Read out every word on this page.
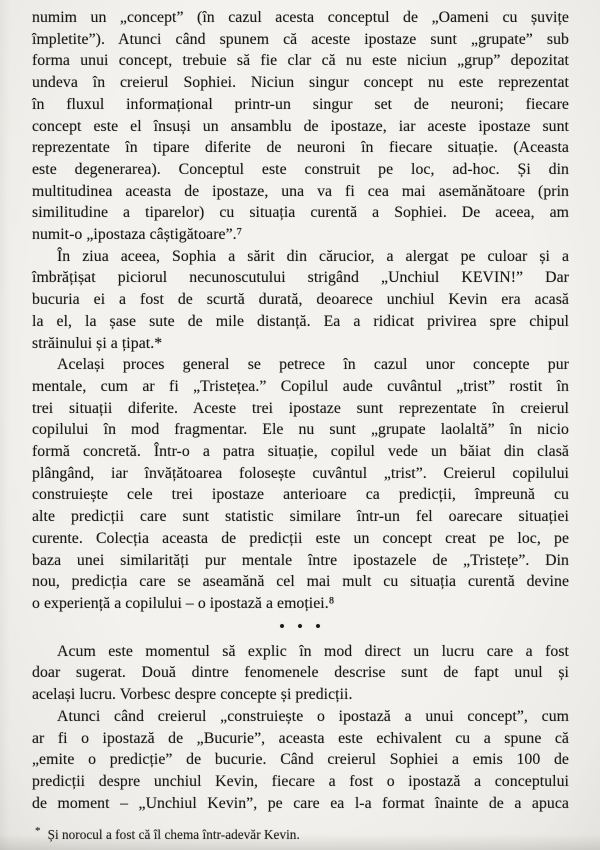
numim un „concept” (în cazul acesta conceptul de „Oameni cu șuvițe
împletite”). Atunci când spunem că aceste ipostaze sunt „grupate” sub
forma unui concept, trebuie să fie clar că nu este niciun „grup” depozitat
undeva în creierul Sophiei. Niciun singur concept nu este reprezentat
în fluxul informațional printr-un singur set de neuroni; fiecare
concept este el însuși un ansamblu de ipostaze, iar aceste ipostaze sunt
reprezentate în tipare diferite de neuroni în fiecare situație. (Aceasta
este degenerarea). Conceptul este construit pe loc, ad-hoc. Și din
multitudinea aceasta de ipostaze, una va fi cea mai asemănătoare (prin
similitudine a tiparelor) cu situația curentă a Sophiei. De aceea, am
numit-o „ipostaza câștigătoare”.⁷
În ziua aceea, Sophia a sărit din cărucior, a alergat pe culoar și a
îmbrățișat piciorul necunoscutului strigând „Unchiul KEVIN!” Dar
bucuria ei a fost de scurtă durată, deoarece unchiul Kevin era acasă
la el, la șase sute de mile distanță. Ea a ridicat privirea spre chipul
străinului și a țipat.*
Același proces general se petrece în cazul unor concepte pur
mentale, cum ar fi „Tristețea.” Copilul aude cuvântul „trist” rostit în
trei situații diferite. Aceste trei ipostaze sunt reprezentate în creierul
copilului în mod fragmentar. Ele nu sunt „grupate laolaltă” în nicio
formă concretă. Într-o a patra situație, copilul vede un băiat din clasă
plângând, iar învățătoarea folosește cuvântul „trist”. Creierul copilului
construiește cele trei ipostaze anterioare ca predicții, împreună cu
alte predicții care sunt statistic similare într-un fel oarecare situației
curente. Colecția aceasta de predicții este un concept creat pe loc, pe
baza unei similarități pur mentale între ipostazele de „Tristețe”. Din
nou, predicția care se aseamănă cel mai mult cu situația curentă devine
o experiență a copilului – o ipostază a emoției.⁸
• • •
Acum este momentul să explic în mod direct un lucru care a fost
doar sugerat. Două dintre fenomenele descrise sunt de fapt unul și
același lucru. Vorbesc despre concepte și predicții.
Atunci când creierul „construiește o ipostază a unui concept”, cum
ar fi o ipostază de „Bucurie”, aceasta este echivalent cu a spune că
„emite o predicție” de bucurie. Când creierul Sophiei a emis 100 de
predicții despre unchiul Kevin, fiecare a fost o ipostază a conceptului
de moment – „Unchiul Kevin”, pe care ea l-a format înainte de a apuca
* Și norocul a fost că îl chema într-adevăr Kevin.
